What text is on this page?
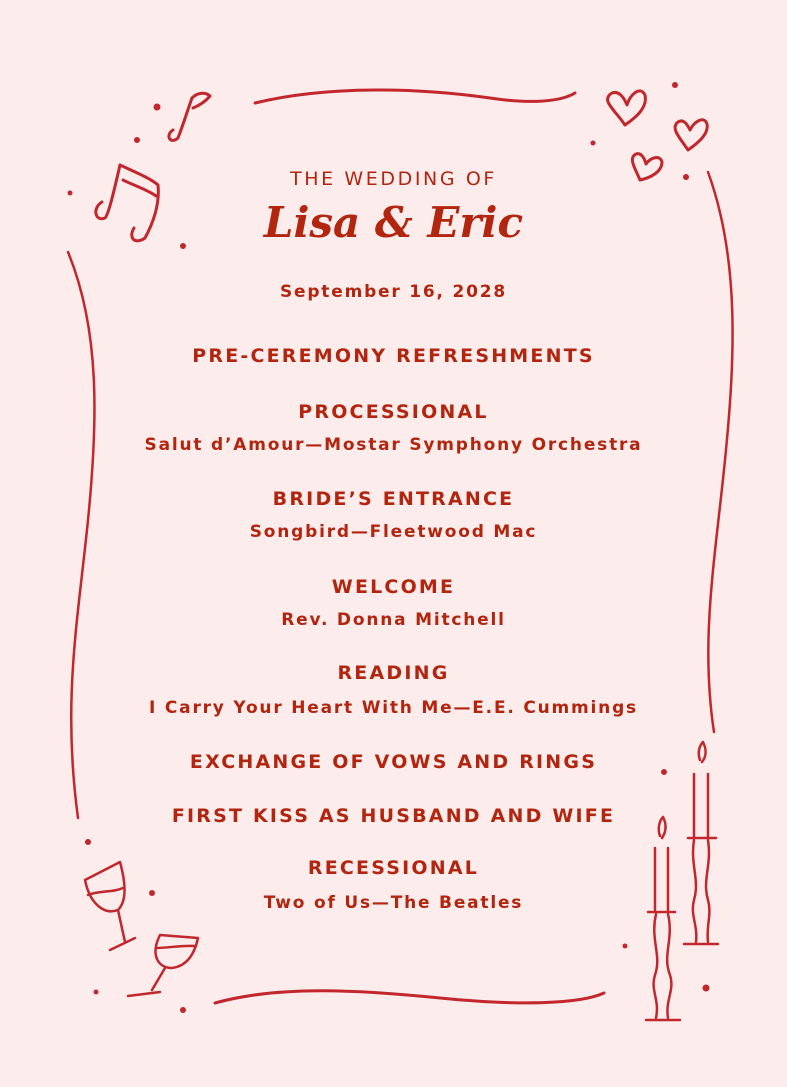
THE WEDDING OF

Lisa & Eric

September 16, 2028

PRE-CEREMONY REFRESHMENTS

PROCESSIONAL

Salut d’Amour—Mostar Symphony Orchestra

BRIDE’S ENTRANCE

Songbird—Fleetwood Mac

WELCOME

Rev. Donna Mitchell

READING

I Carry Your Heart With Me—E.E. Cummings

EXCHANGE OF VOWS AND RINGS

FIRST KISS AS HUSBAND AND WIFE

RECESSIONAL

Two of Us—The Beatles
